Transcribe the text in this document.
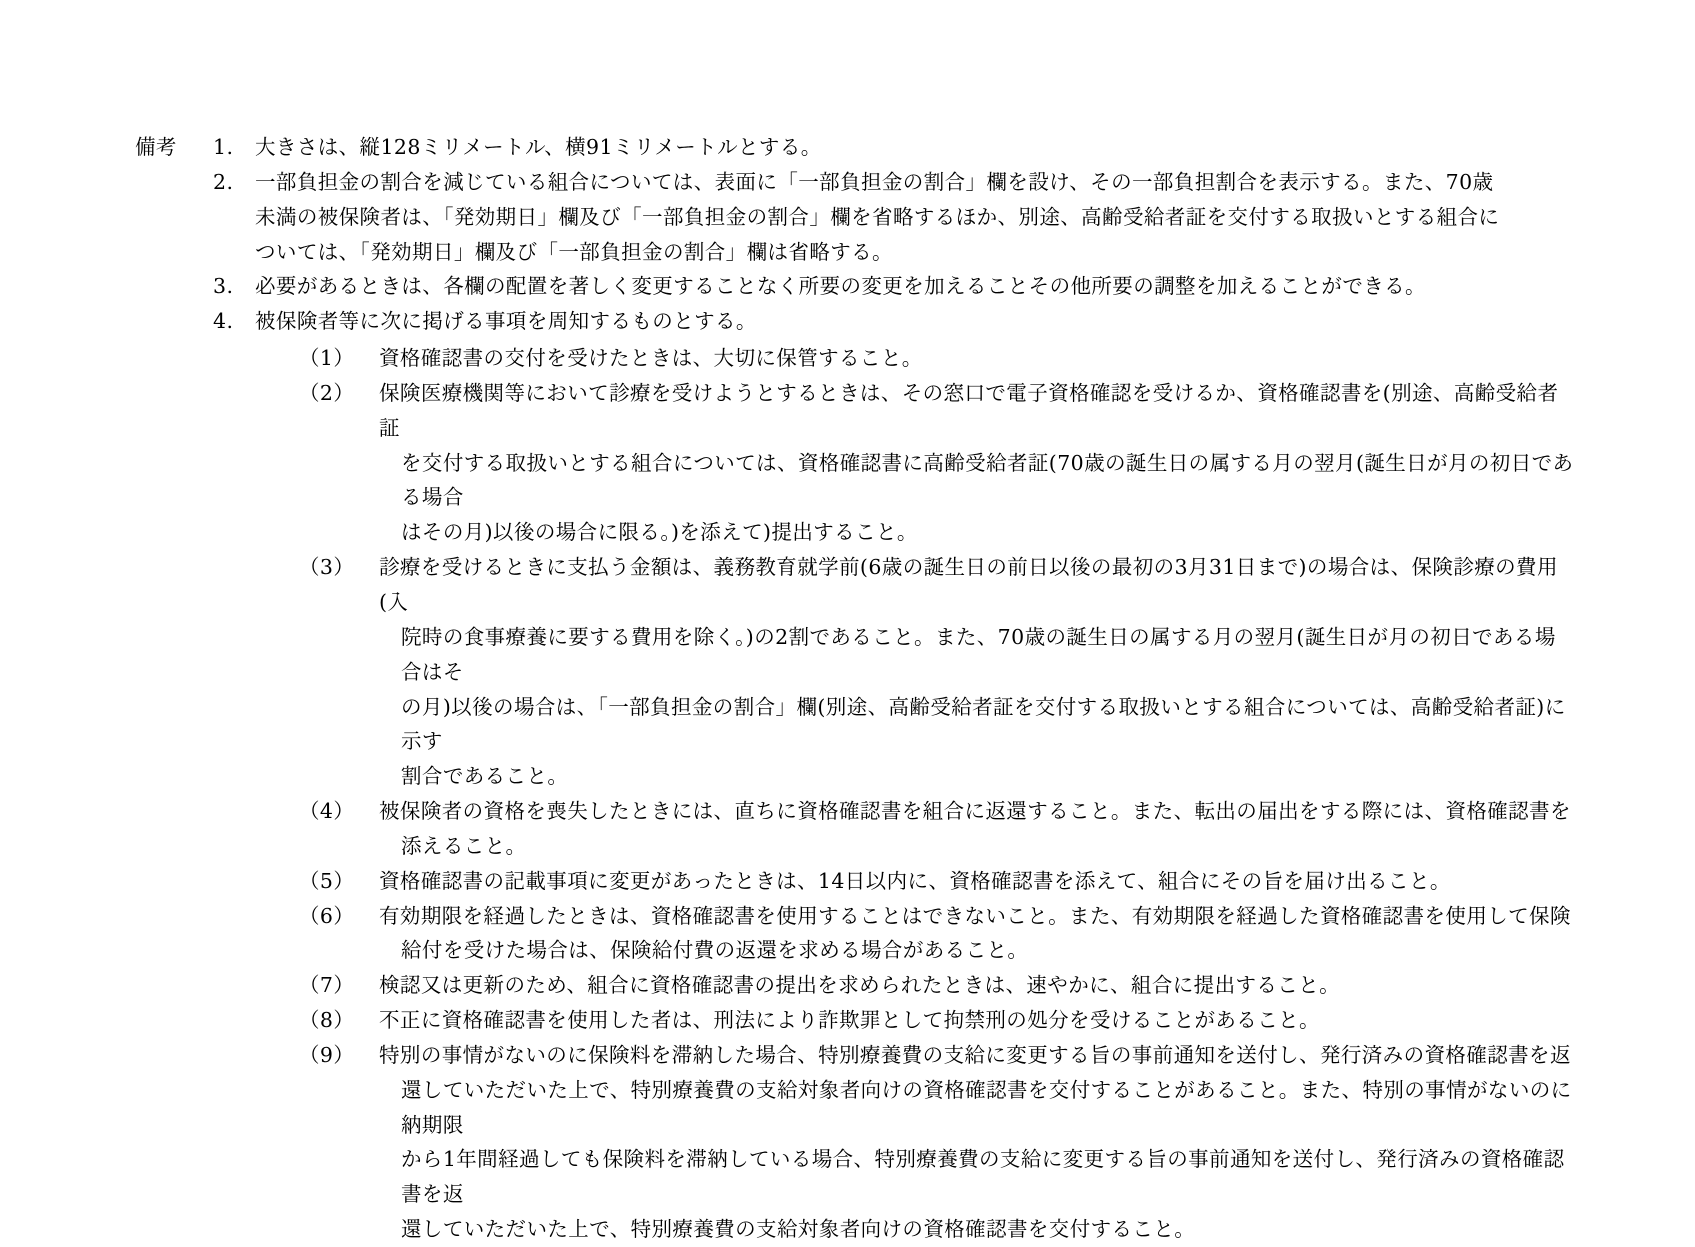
備考	1.	大きさは、縦128ミリメートル、横91ミリメートルとする。

2.	一部負担金の割合を減じている組合については、表面に「一部負担金の割合」欄を設け、その一部負担割合を表示する。また、70歳

未満の被保険者は、「発効期日」欄及び「一部負担金の割合」欄を省略するほか、別途、高齢受給者証を交付する取扱いとする組合に

ついては、「発効期日」欄及び「一部負担金の割合」欄は省略する。

3.	必要があるときは、各欄の配置を著しく変更することなく所要の変更を加えることその他所要の調整を加えることができる。

4.	被保険者等に次に掲げる事項を周知するものとする。

（1）	資格確認書の交付を受けたときは、大切に保管すること。

（2）	保険医療機関等において診療を受けようとするときは、その窓口で電子資格確認を受けるか、資格確認書を(別途、高齢受給者証

を交付する取扱いとする組合については、資格確認書に高齢受給者証(70歳の誕生日の属する月の翌月(誕生日が月の初日である場合

はその月)以後の場合に限る。)を添えて)提出すること。

（3）	診療を受けるときに支払う金額は、義務教育就学前(6歳の誕生日の前日以後の最初の3月31日まで)の場合は、保険診療の費用(入

院時の食事療養に要する費用を除く。)の2割であること。また、70歳の誕生日の属する月の翌月(誕生日が月の初日である場合はそ

の月)以後の場合は、「一部負担金の割合」欄(別途、高齢受給者証を交付する取扱いとする組合については、高齢受給者証)に示す

割合であること。

（4）	被保険者の資格を喪失したときには、直ちに資格確認書を組合に返還すること。また、転出の届出をする際には、資格確認書を

添えること。

（5）	資格確認書の記載事項に変更があったときは、14日以内に、資格確認書を添えて、組合にその旨を届け出ること。

（6）	有効期限を経過したときは、資格確認書を使用することはできないこと。また、有効期限を経過した資格確認書を使用して保険

給付を受けた場合は、保険給付費の返還を求める場合があること。

（7）	検認又は更新のため、組合に資格確認書の提出を求められたときは、速やかに、組合に提出すること。

（8）	不正に資格確認書を使用した者は、刑法により詐欺罪として拘禁刑の処分を受けることがあること。

（9）	特別の事情がないのに保険料を滞納した場合、特別療養費の支給に変更する旨の事前通知を送付し、発行済みの資格確認書を返

還していただいた上で、特別療養費の支給対象者向けの資格確認書を交付することがあること。また、特別の事情がないのに納期限

から1年間経過しても保険料を滞納している場合、特別療養費の支給に変更する旨の事前通知を送付し、発行済みの資格確認書を返

還していただいた上で、特別療養費の支給対象者向けの資格確認書を交付すること。
